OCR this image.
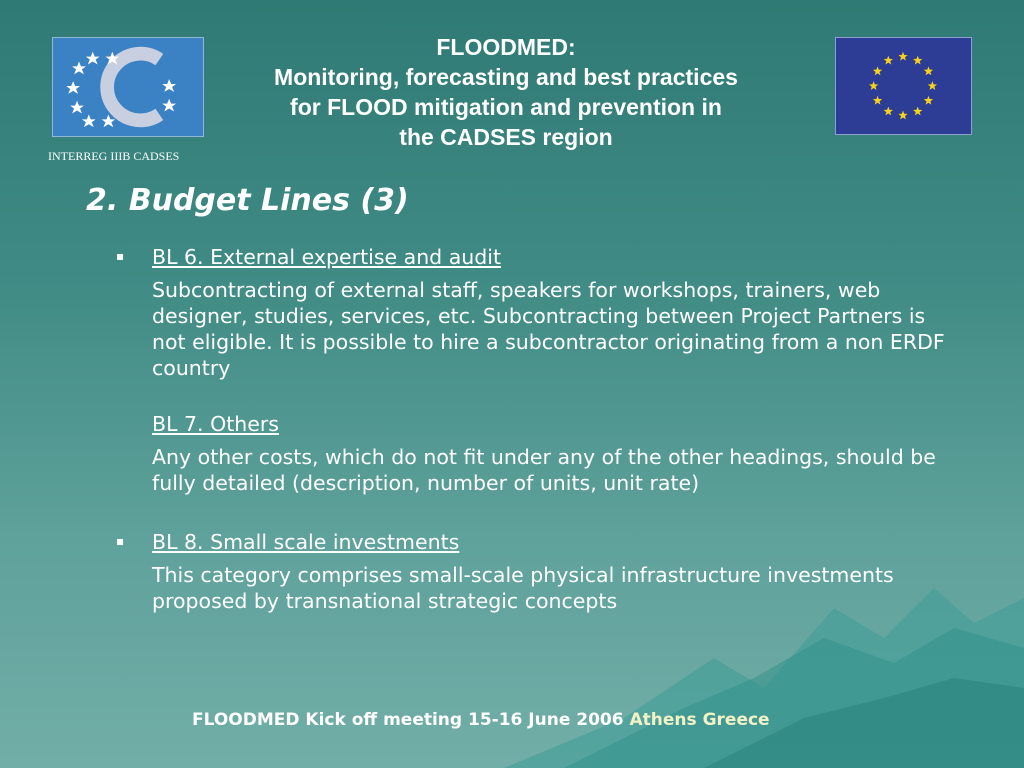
INTERREG IIIB CADSES
FLOODMED:
Monitoring, forecasting and best practices
for FLOOD mitigation and prevention in
the CADSES region
2. Budget Lines (3)
▪ BL 6. External expertise and audit
Subcontracting of external staff, speakers for workshops, trainers, web designer, studies, services, etc. Subcontracting between Project Partners is not eligible. It is possible to hire a subcontractor originating from a non ERDF country
BL 7. Others
Any other costs, which do not fit under any of the other headings, should be fully detailed (description, number of units, unit rate)
▪ BL 8. Small scale investments
This category comprises small-scale physical infrastructure investments proposed by transnational strategic concepts
FLOODMED Kick off meeting 15-16 June 2006 Athens Greece
